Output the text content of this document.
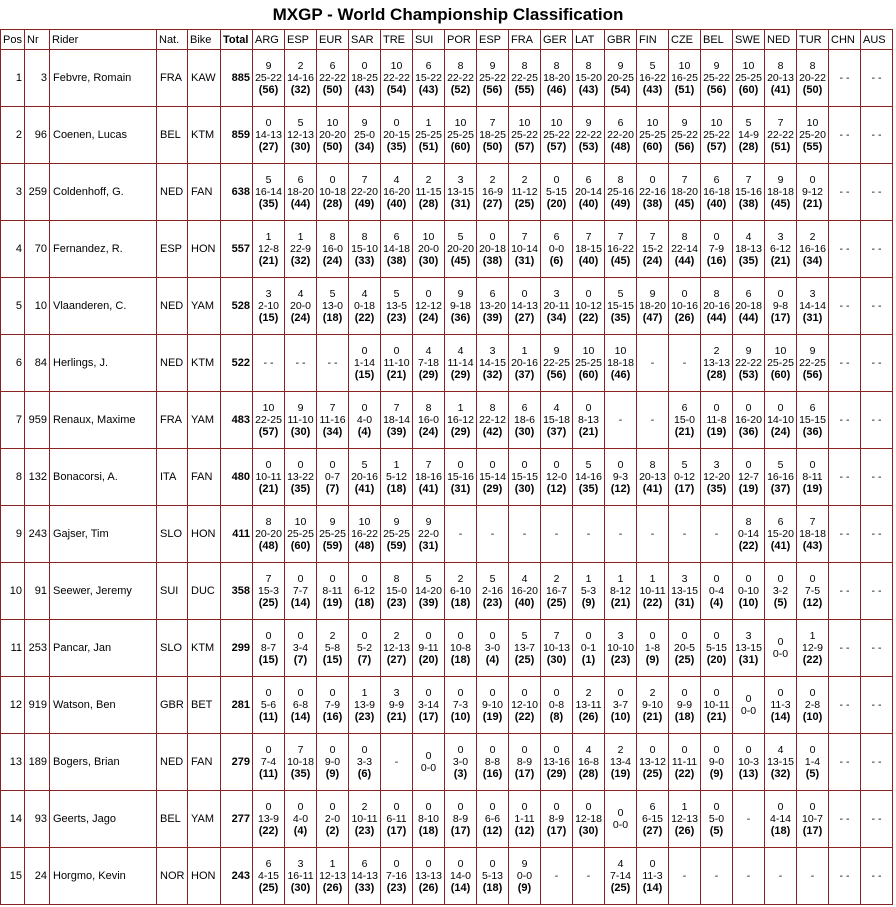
MXGP - World Championship Classification
Pos	Nr	Rider	Nat.	Bike	Total	ARG	ESP	EUR	SAR	TRE	SUI	POR	ESP	FRA	GER	LAT	GBR	FIN	CZE	BEL	SWE	NED	TUR	CHN	AUS
1	3	Febvre, Romain	FRA	KAW	885	9
25-22
(56)	2
14-16
(32)	6
22-22
(50)	0
18-25
(43)	10
22-22
(54)	6
15-22
(43)	8
22-22
(52)	9
25-22
(56)	8
22-25
(55)	8
18-20
(46)	8
15-20
(43)	9
20-25
(54)	5
16-22
(43)	10
16-25
(51)	9
25-22
(56)	10
25-25
(60)	8
20-13
(41)	8
20-22
(50)	- -	- -

2	96	Coenen, Lucas	BEL	KTM	859	0
14-13
(27)	5
12-13
(30)	10
20-20
(50)	9
25-0
(34)	0
20-15
(35)	1
25-25
(51)	10
25-25
(60)	7
18-25
(50)	10
25-22
(57)	10
25-22
(57)	9
22-22
(53)	6
22-20
(48)	10
25-25
(60)	9
25-22
(56)	10
25-22
(57)	5
14-9
(28)	7
22-22
(51)	10
25-20
(55)	- -	- -

3	259	Coldenhoff, G.	NED	FAN	638	5
16-14
(35)	6
18-20
(44)	0
10-18
(28)	7
22-20
(49)	4
16-20
(40)	2
11-15
(28)	3
13-15
(31)	2
16-9
(27)	2
11-12
(25)	0
5-15
(20)	6
20-14
(40)	8
25-16
(49)	0
22-16
(38)	7
18-20
(45)	6
16-18
(40)	7
15-16
(38)	9
18-18
(45)	0
9-12
(21)	- -	- -

4	70	Fernandez, R.	ESP	HON	557	1
12-8
(21)	1
22-9
(32)	8
16-0
(24)	8
15-10
(33)	6
14-18
(38)	10
20-0
(30)	5
20-20
(45)	0
20-18
(38)	7
10-14
(31)	6
0-0
(6)	7
18-15
(40)	7
16-22
(45)	7
15-2
(24)	8
22-14
(44)	0
7-9
(16)	4
18-13
(35)	3
6-12
(21)	2
16-16
(34)	- -	- -

5	10	Vlaanderen, C.	NED	YAM	528	3
2-10
(15)	4
20-0
(24)	5
13-0
(18)	4
0-18
(22)	5
13-5
(23)	0
12-12
(24)	9
9-18
(36)	6
13-20
(39)	0
14-13
(27)	3
20-11
(34)	0
10-12
(22)	5
15-15
(35)	9
18-20
(47)	0
10-16
(26)	8
20-16
(44)	6
20-18
(44)	0
9-8
(17)	3
14-14
(31)	- -	- -

6	84	Herlings, J.	NED	KTM	522	- -	- -	- -	0
1-14
(15)	0
11-10
(21)	4
7-18
(29)	4
11-14
(29)	3
14-15
(32)	1
20-16
(37)	9
22-25
(56)	10
25-25
(60)	10
18-18
(46)	-	-	2
13-13
(28)	9
22-22
(53)	10
25-25
(60)	9
22-25
(56)	- -	- -

7	959	Renaux, Maxime	FRA	YAM	483	10
22-25
(57)	9
11-10
(30)	7
11-16
(34)	0
4-0
(4)	7
18-14
(39)	8
16-0
(24)	1
16-12
(29)	8
22-12
(42)	6
18-6
(30)	4
15-18
(37)	0
8-13
(21)	-	-	6
15-0
(21)	0
11-8
(19)	0
16-20
(36)	0
14-10
(24)	6
15-15
(36)	- -	- -

8	132	Bonacorsi, A.	ITA	FAN	480	0
10-11
(21)	0
13-22
(35)	0
0-7
(7)	5
20-16
(41)	1
5-12
(18)	7
18-16
(41)	0
15-16
(31)	0
15-14
(29)	0
15-15
(30)	0
12-0
(12)	5
14-16
(35)	0
9-3
(12)	8
20-13
(41)	5
0-12
(17)	3
12-20
(35)	0
12-7
(19)	5
16-16
(37)	0
8-11
(19)	- -	- -

9	243	Gajser, Tim	SLO	HON	411	8
20-20
(48)	10
25-25
(60)	9
25-25
(59)	10
16-22
(48)	9
25-25
(59)	9
22-0
(31)	-	-	-	-	-	-	-	-	-	8
0-14
(22)	6
15-20
(41)	7
18-18
(43)	- -	- -

10	91	Seewer, Jeremy	SUI	DUC	358	7
15-3
(25)	0
7-7
(14)	0
8-11
(19)	0
6-12
(18)	8
15-0
(23)	5
14-20
(39)	2
6-10
(18)	5
2-16
(23)	4
16-20
(40)	2
16-7
(25)	1
5-3
(9)	1
8-12
(21)	1
10-11
(22)	3
13-15
(31)	0
0-4
(4)	0
0-10
(10)	0
3-2
(5)	0
7-5
(12)	- -	- -

11	253	Pancar, Jan	SLO	KTM	299	0
8-7
(15)	0
3-4
(7)	2
5-8
(15)	0
5-2
(7)	2
12-13
(27)	0
9-11
(20)	0
10-8
(18)	0
3-0
(4)	5
13-7
(25)	7
10-13
(30)	0
0-1
(1)	3
10-10
(23)	0
1-8
(9)	0
20-5
(25)	0
5-15
(20)	3
13-15
(31)	0
0-0	1
12-9
(22)	- -	- -

12	919	Watson, Ben	GBR	BET	281	0
5-6
(11)	0
6-8
(14)	0
7-9
(16)	1
13-9
(23)	3
9-9
(21)	0
3-14
(17)	0
7-3
(10)	0
9-10
(19)	0
12-10
(22)	0
0-8
(8)	2
13-11
(26)	0
3-7
(10)	2
9-10
(21)	0
9-9
(18)	0
10-11
(21)	0
0-0	0
11-3
(14)	0
2-8
(10)	- -	- -

13	189	Bogers, Brian	NED	FAN	279	0
7-4
(11)	7
10-18
(35)	0
9-0
(9)	0
3-3
(6)	-	0
0-0	0
3-0
(3)	0
8-8
(16)	0
8-9
(17)	0
13-16
(29)	4
16-8
(28)	2
13-4
(19)	0
13-12
(25)	0
11-11
(22)	0
9-0
(9)	0
10-3
(13)	4
13-15
(32)	0
1-4
(5)	- -	- -

14	93	Geerts, Jago	BEL	YAM	277	0
13-9
(22)	0
4-0
(4)	0
2-0
(2)	2
10-11
(23)	0
6-11
(17)	0
8-10
(18)	0
8-9
(17)	0
6-6
(12)	0
1-11
(12)	0
8-9
(17)	0
12-18
(30)	0
0-0	6
6-15
(27)	1
12-13
(26)	0
5-0
(5)	-	0
4-14
(18)	0
10-7
(17)	- -	- -

15	24	Horgmo, Kevin	NOR	HON	243	6
4-15
(25)	3
16-11
(30)	1
12-13
(26)	6
14-13
(33)	0
7-16
(23)	0
13-13
(26)	0
14-0
(14)	0
5-13
(18)	9
0-0
(9)	-	-	4
7-14
(25)	0
11-3
(14)	-	-	-	-	-	- -	- -
